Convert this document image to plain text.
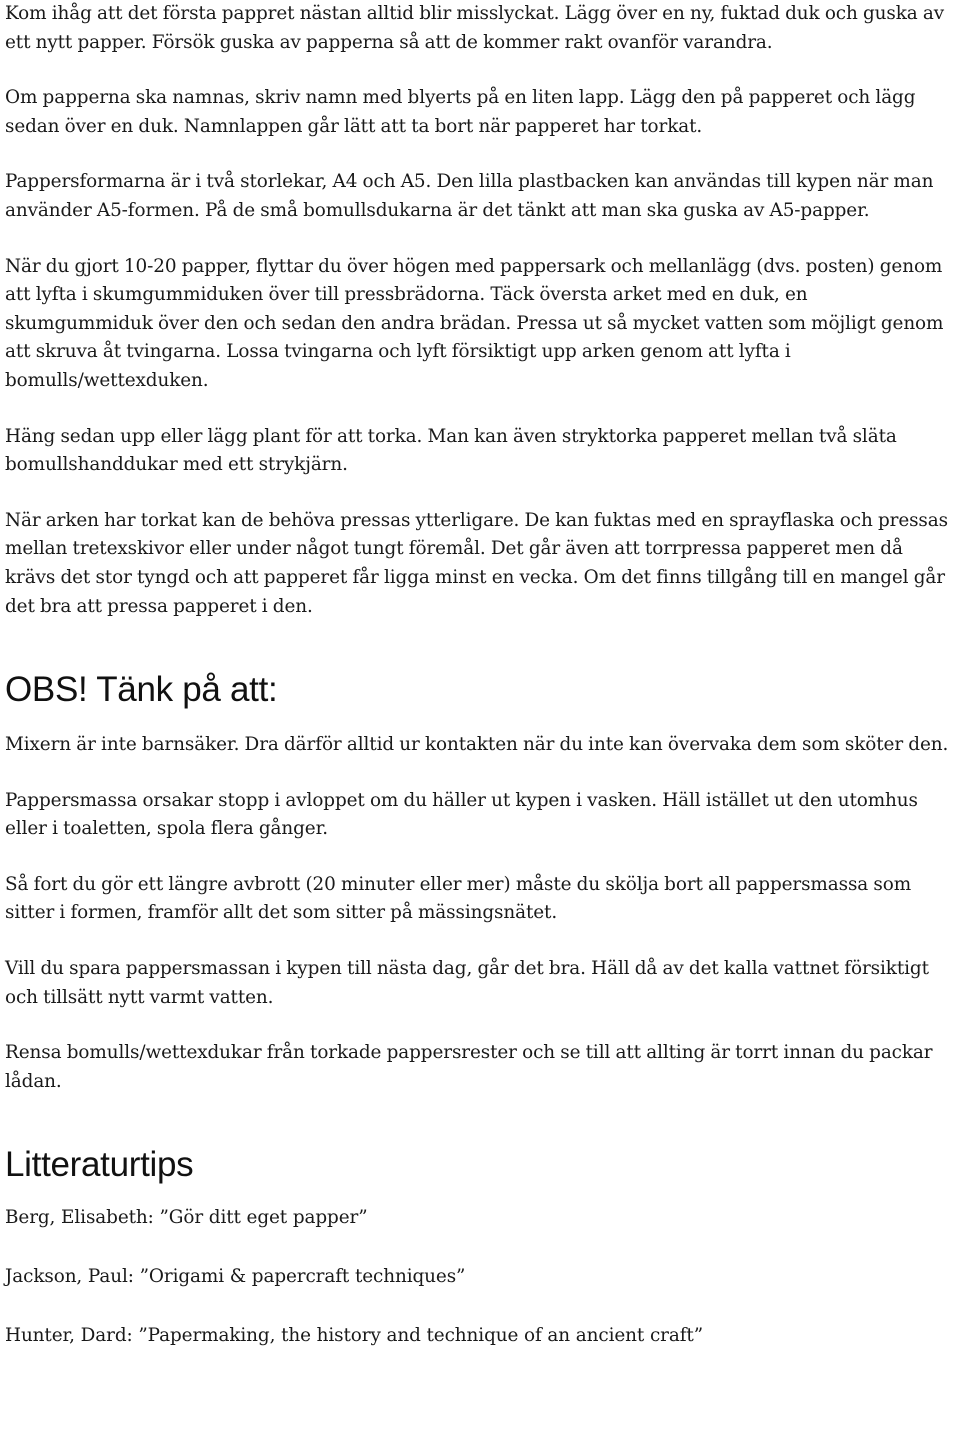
Kom ihåg att det första pappret nästan alltid blir misslyckat. Lägg över en ny, fuktad duk och guska av ett nytt papper. Försök guska av papperna så att de kommer rakt ovanför varandra.

Om papperna ska namnas, skriv namn med blyerts på en liten lapp. Lägg den på papperet och lägg sedan över en duk. Namnlappen går lätt att ta bort när papperet har torkat.

Pappersformarna är i två storlekar, A4 och A5. Den lilla plastbacken kan användas till kypen när man använder A5-formen. På de små bomullsdukarna är det tänkt att man ska guska av A5-papper.

När du gjort 10-20 papper, flyttar du över högen med pappersark och mellanlägg (dvs. posten) genom att lyfta i skumgummiduken över till pressbrädorna. Täck översta arket med en duk, en skumgummiduk över den och sedan den andra brädan. Pressa ut så mycket vatten som möjligt genom att skruva åt tvingarna. Lossa tvingarna och lyft försiktigt upp arken genom att lyfta i bomulls/wettexduken.

Häng sedan upp eller lägg plant för att torka. Man kan även stryktorka papperet mellan två släta bomullshanddukar med ett strykjärn.

När arken har torkat kan de behöva pressas ytterligare. De kan fuktas med en sprayflaska och pressas mellan tretexskivor eller under något tungt föremål. Det går även att torrpressa papperet men då krävs det stor tyngd och att papperet får ligga minst en vecka. Om det finns tillgång till en mangel går det bra att pressa papperet i den.

OBS! Tänk på att:

Mixern är inte barnsäker. Dra därför alltid ur kontakten när du inte kan övervaka dem som sköter den.

Pappersmassa orsakar stopp i avloppet om du häller ut kypen i vasken. Häll istället ut den utomhus eller i toaletten, spola flera gånger.

Så fort du gör ett längre avbrott (20 minuter eller mer) måste du skölja bort all pappersmassa som sitter i formen, framför allt det som sitter på mässingsnätet.

Vill du spara pappersmassan i kypen till nästa dag, går det bra. Häll då av det kalla vattnet försiktigt och tillsätt nytt varmt vatten.

Rensa bomulls/wettexdukar från torkade pappersrester och se till att allting är torrt innan du packar lådan.

Litteraturtips

Berg, Elisabeth: ”Gör ditt eget papper”

Jackson, Paul: ”Origami & papercraft techniques”

Hunter, Dard: ”Papermaking, the history and technique of an ancient craft”
